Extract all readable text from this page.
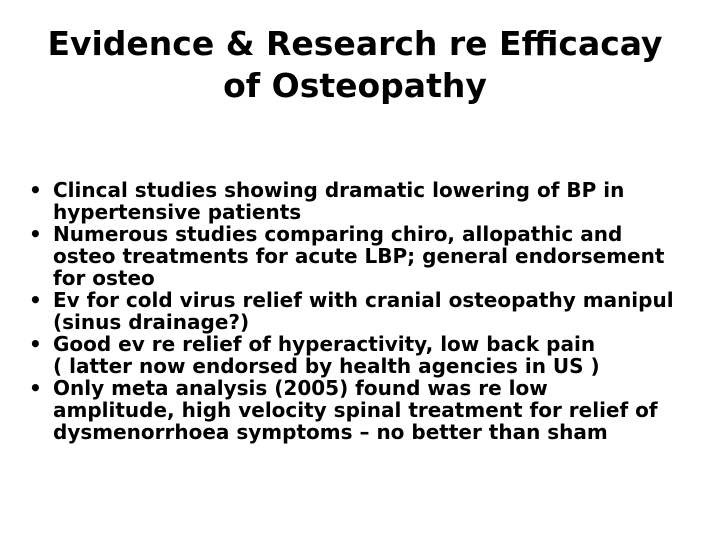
Evidence & Research re Efficacay
of Osteopathy
• Clincal studies showing dramatic lowering of BP in
hypertensive patients
• Numerous studies comparing chiro, allopathic and
osteo treatments for acute LBP; general endorsement
for osteo
• Ev for cold virus relief with cranial osteopathy manipul
(sinus drainage?)
• Good ev re relief of hyperactivity, low back pain
( latter now endorsed by health agencies in US )
• Only meta analysis (2005) found was re low
amplitude, high velocity spinal treatment for relief of
dysmenorrhoea symptoms – no better than sham
